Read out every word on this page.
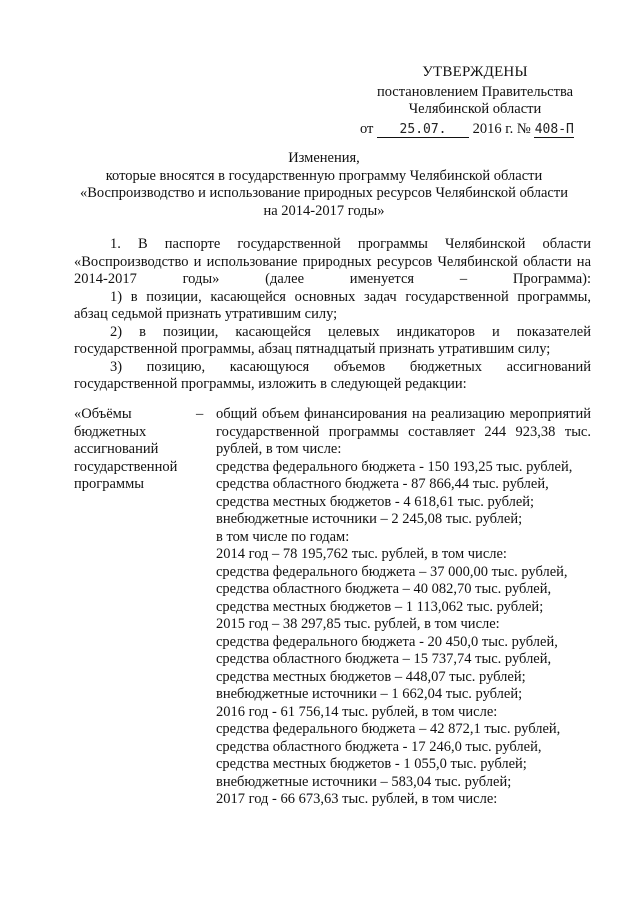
УТВЕРЖДЕНЫ
постановлением Правительства
Челябинской области
от 25.07. 2016 г. № 408-П
Изменения,
которые вносятся в государственную программу Челябинской области
«Воспроизводство и использование природных ресурсов Челябинской области
на 2014-2017 годы»

1. В паспорте государственной программы Челябинской области «Воспроизводство и использование природных ресурсов Челябинской области на 2014-2017 годы» (далее именуется – Программа):

1) в позиции, касающейся основных задач государственной программы, абзац седьмой признать утратившим силу;

2) в позиции, касающейся целевых индикаторов и показателей государственной программы, абзац пятнадцатый признать утратившим силу;

3) позицию, касающуюся объемов бюджетных ассигнований государственной программы, изложить в следующей редакции:

«Объёмы
бюджетных
ассигнований
государственной
программы
– общий объем финансирования на реализацию мероприятий государственной программы составляет 244 923,38 тыс. рублей, в том числе:

средства федерального бюджета - 150 193,25 тыс. рублей,

средства областного бюджета - 87 866,44 тыс. рублей,

средства местных бюджетов - 4 618,61 тыс. рублей;

внебюджетные источники – 2 245,08 тыс. рублей;

в том числе по годам:

2014 год – 78 195,762 тыс. рублей, в том числе:

средства федерального бюджета – 37 000,00 тыс. рублей,

средства областного бюджета – 40 082,70 тыс. рублей,

средства местных бюджетов – 1 113,062 тыс. рублей;

2015 год – 38 297,85 тыс. рублей, в том числе:

средства федерального бюджета - 20 450,0 тыс. рублей,

средства областного бюджета – 15 737,74 тыс. рублей,

средства местных бюджетов – 448,07 тыс. рублей;

внебюджетные источники – 1 662,04 тыс. рублей;

2016 год - 61 756,14 тыс. рублей, в том числе:

средства федерального бюджета – 42 872,1 тыс. рублей,

средства областного бюджета - 17 246,0 тыс. рублей,

средства местных бюджетов - 1 055,0 тыс. рублей;

внебюджетные источники – 583,04 тыс. рублей;

2017 год - 66 673,63 тыс. рублей, в том числе:
